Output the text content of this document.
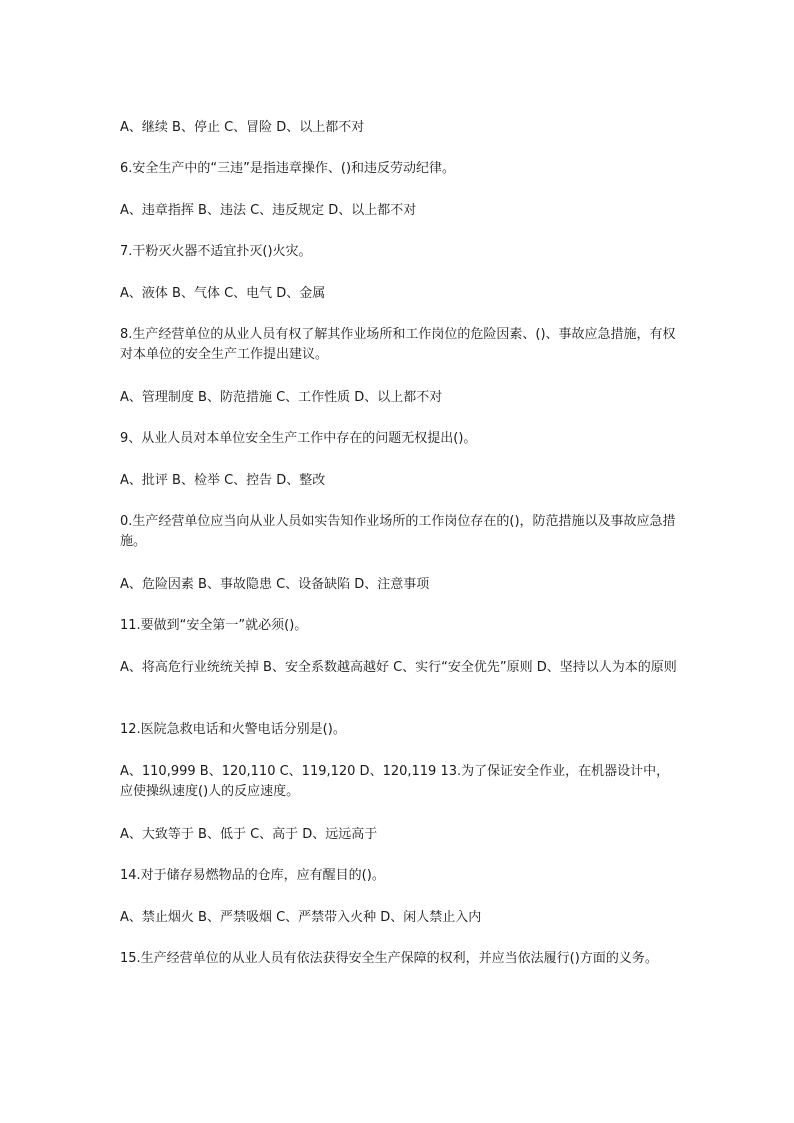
A、继续 B、停止 C、冒险 D、以上都不对
6.安全生产中的“三违”是指违章操作、()和违反劳动纪律。
A、违章指挥 B、违法 C、违反规定 D、以上都不对
7.干粉灭火器不适宜扑灭()火灾。
A、液体 B、气体 C、电气 D、金属
8.生产经营单位的从业人员有权了解其作业场所和工作岗位的危险因素、()、事故应急措施，有权对本单位的安全生产工作提出建议。
A、管理制度 B、防范措施 C、工作性质 D、以上都不对
9、从业人员对本单位安全生产工作中存在的问题无权提出()。
A、批评 B、检举 C、控告 D、整改
0.生产经营单位应当向从业人员如实告知作业场所的工作岗位存在的()，防范措施以及事故应急措施。
A、危险因素 B、事故隐患 C、设备缺陷 D、注意事项
11.要做到“安全第一”就必须()。
A、将高危行业统统关掉 B、安全系数越高越好 C、实行“安全优先”原则 D、坚持以人为本的原则
12.医院急救电话和火警电话分别是()。
A、110,999 B、120,110 C、119,120 D、120,119 13.为了保证安全作业，在机器设计中，应使操纵速度()人的反应速度。
A、大致等于 B、低于 C、高于 D、远远高于
14.对于储存易燃物品的仓库，应有醒目的()。
A、禁止烟火 B、严禁吸烟 C、严禁带入火种 D、闲人禁止入内
15.生产经营单位的从业人员有依法获得安全生产保障的权利，并应当依法履行()方面的义务。
